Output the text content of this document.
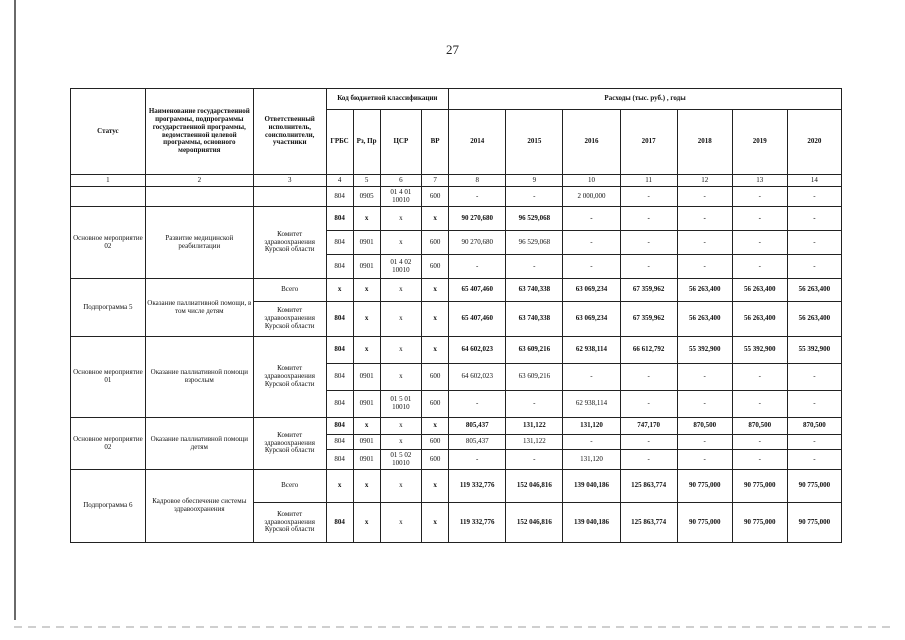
27
Статус	Наименование государственной программы, подпрограммы государственной программы, ведомственной целевой программы, основного мероприятия	Ответственный исполнитель, соисполнители, участники	Код бюджетной классификации				Расходы (тыс. руб.) , годы						
			ГРБС	Рз, Пр	ЦСР	ВР	2014	2015	2016	2017	2018	2019	2020
1	2	3	4	5	6	7	8	9	10	11	12	13	14
			804	0905	01 4 01 10010	600	-	-	2 000,000	-	-	-	-
Основное мероприятие 02	Развитие медицинской реабилитации	Комитет здравоохранения Курской области	804	x	x	x	90 270,680	96 529,068	-	-	-	-	-
			804	0901	x	600	90 270,680	96 529,068	-	-	-	-	-
			804	0901	01 4 02 10010	600	-	-	-	-	-	-	-
Подпрограмма 5	Оказание паллиативной помощи, в том числе детям	Всего	x	x	x	x	65 407,460	63 740,338	63 069,234	67 359,962	56 263,400	56 263,400	56 263,400
		Комитет здравоохранения Курской области	804	x	x	x	65 407,460	63 740,338	63 069,234	67 359,962	56 263,400	56 263,400	56 263,400
Основное мероприятие 01	Оказание паллиативной помощи взрослым	Комитет здравоохранения Курской области	804	x	x	x	64 602,023	63 609,216	62 938,114	66 612,792	55 392,900	55 392,900	55 392,900
			804	0901	x	600	64 602,023	63 609,216	-	-	-	-	-
			804	0901	01 5 01 10010	600	-	-	62 938,114	-	-	-	-
Основное мероприятие 02	Оказание паллиативной помощи детям	Комитет здравоохранения Курской области	804	x	x	x	805,437	131,122	131,120	747,170	870,500	870,500	870,500
			804	0901	x	600	805,437	131,122	-	-	-	-	-
			804	0901	01 5 02 10010	600	-	-	131,120	-	-	-	-
Подпрограмма 6	Кадровое обеспечение системы здравоохранения	Всего	x	x	x	x	119 332,776	152 046,816	139 040,186	125 863,774	90 775,000	90 775,000	90 775,000
		Комитет здравоохранения Курской области	804	x	x	x	119 332,776	152 046,816	139 040,186	125 863,774	90 775,000	90 775,000	90 775,000
